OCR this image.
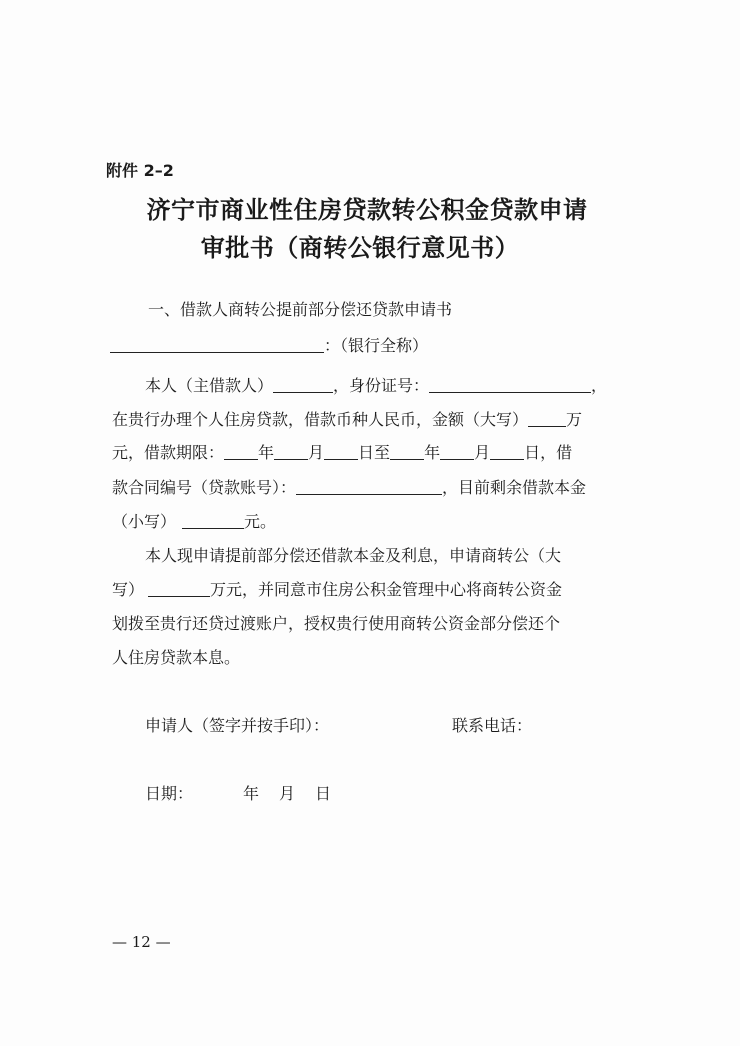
附件 2–2
济宁市商业性住房贷款转公积金贷款申请
审批书（商转公银行意见书）
一、借款人商转公提前部分偿还贷款申请书
：（银行全称）
本人（主借款人）	，身份证号：	，
在贵行办理个人住房贷款，借款币种人民币，金额（大写） 万
元，借款期限： 年 月 日至 年 月 日，借
款合同编号（贷款账号）：	，目前剩余借款本金
（小写）	元。
本人现申请提前部分偿还借款本金及利息，申请商转公（大
写）	万元，并同意市住房公积金管理中心将商转公资金
划拨至贵行还贷过渡账户，授权贵行使用商转公资金部分偿还个
人住房贷款本息。
申请人（签字并按手印）：	联系电话：
日期：	年 月 日
— 12 —
